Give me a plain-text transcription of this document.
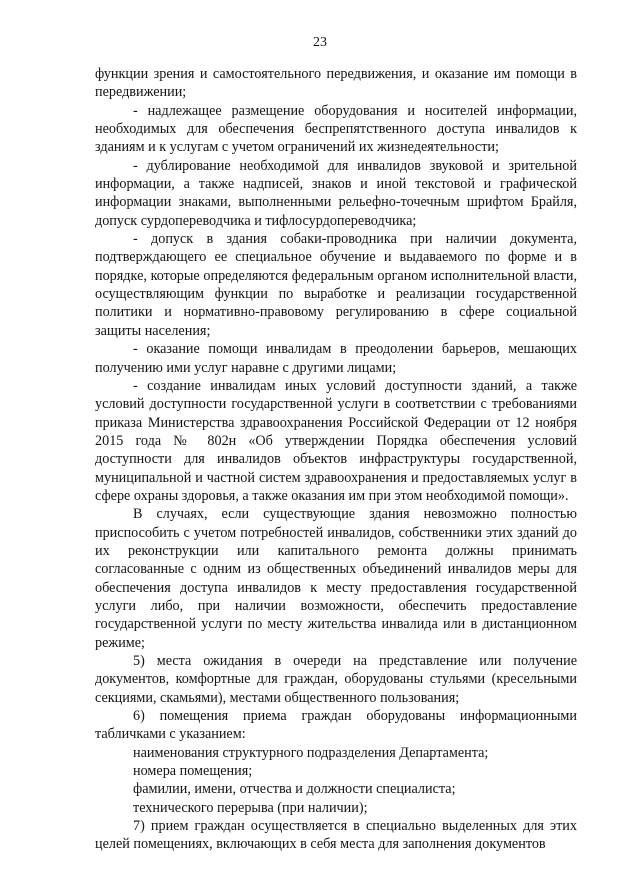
23

функции зрения и самостоятельного передвижения, и оказание им помощи в передвижении;

- надлежащее размещение оборудования и носителей информации, необходимых для обеспечения беспрепятственного доступа инвалидов к зданиям и к услугам с учетом ограничений их жизнедеятельности;

- дублирование необходимой для инвалидов звуковой и зрительной информации, а также надписей, знаков и иной текстовой и графической информации знаками, выполненными рельефно-точечным шрифтом Брайля, допуск сурдопереводчика и тифлосурдопереводчика;

- допуск в здания собаки-проводника при наличии документа, подтверждающего ее специальное обучение и выдаваемого по форме и в порядке, которые определяются федеральным органом исполнительной власти, осуществляющим функции по выработке и реализации государственной политики и нормативно-правовому регулированию в сфере социальной защиты населения;

- оказание помощи инвалидам в преодолении барьеров, мешающих получению ими услуг наравне с другими лицами;

- создание инвалидам иных условий доступности зданий, а также условий доступности государственной услуги в соответствии с требованиями приказа Министерства здравоохранения Российской Федерации от 12 ноября 2015 года № 802н «Об утверждении Порядка обеспечения условий доступности для инвалидов объектов инфраструктуры государственной, муниципальной и частной систем здравоохранения и предоставляемых услуг в сфере охраны здоровья, а также оказания им при этом необходимой помощи».

В случаях, если существующие здания невозможно полностью приспособить с учетом потребностей инвалидов, собственники этих зданий до их реконструкции или капитального ремонта должны принимать согласованные с одним из общественных объединений инвалидов меры для обеспечения доступа инвалидов к месту предоставления государственной услуги либо, при наличии возможности, обеспечить предоставление государственной услуги по месту жительства инвалида или в дистанционном режиме;

5) места ожидания в очереди на представление или получение документов, комфортные для граждан, оборудованы стульями (кресельными секциями, скамьями), местами общественного пользования;

6) помещения приема граждан оборудованы информационными табличками с указанием:

наименования структурного подразделения Департамента;

номера помещения;

фамилии, имени, отчества и должности специалиста;

технического перерыва (при наличии);

7) прием граждан осуществляется в специально выделенных для этих целей помещениях, включающих в себя места для заполнения документов
